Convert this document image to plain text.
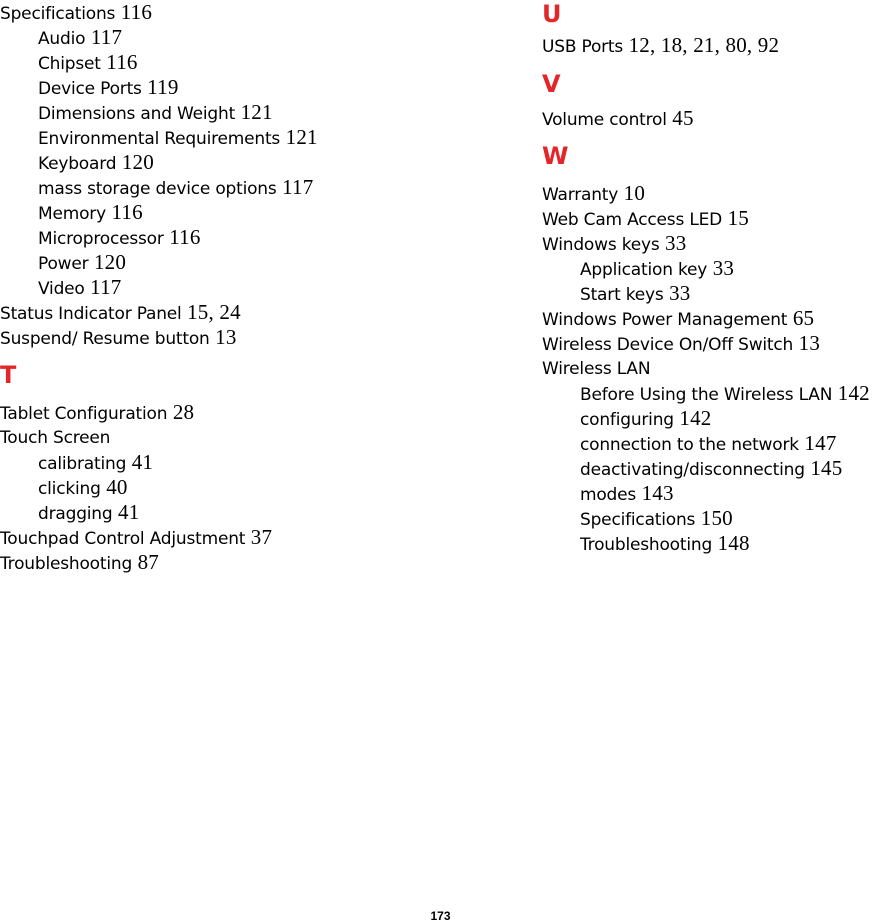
Specifications 116
Audio 117
Chipset 116
Device Ports 119
Dimensions and Weight 121
Environmental Requirements 121
Keyboard 120
mass storage device options 117
Memory 116
Microprocessor 116
Power 120
Video 117
Status Indicator Panel 15, 24
Suspend/ Resume button 13
T
Tablet Configuration 28
Touch Screen
calibrating 41
clicking 40
dragging 41
Touchpad Control Adjustment 37
Troubleshooting 87
U
USB Ports 12, 18, 21, 80, 92
V
Volume control 45
W
Warranty 10
Web Cam Access LED 15
Windows keys 33
Application key 33
Start keys 33
Windows Power Management 65
Wireless Device On/Off Switch 13
Wireless LAN
Before Using the Wireless LAN 142
configuring 142
connection to the network 147
deactivating/disconnecting 145
modes 143
Specifications 150
Troubleshooting 148
173
